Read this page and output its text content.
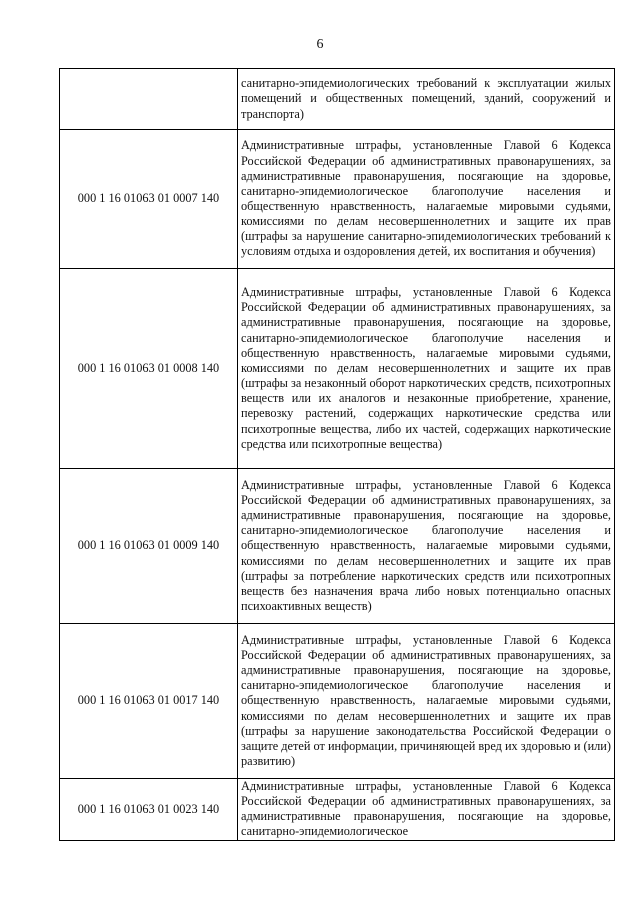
6
	санитарно-эпидемиологических требований к эксплуатации жилых помещений и общественных помещений, зданий, сооружений и транспорта)
000 1 16 01063 01 0007 140	Административные штрафы, установленные Главой 6 Кодекса Российской Федерации об административных правонарушениях, за административные правонарушения, посягающие на здоровье, санитарно-эпидемиологическое благополучие населения и общественную нравственность, налагаемые мировыми судьями, комиссиями по делам несовершеннолетних и защите их прав (штрафы за нарушение санитарно-эпидемиологических требований к условиям отдыха и оздоровления детей, их воспитания и обучения)
000 1 16 01063 01 0008 140	Административные штрафы, установленные Главой 6 Кодекса Российской Федерации об административных правонарушениях, за административные правонарушения, посягающие на здоровье, санитарно-эпидемиологическое благополучие населения и общественную нравственность, налагаемые мировыми судьями, комиссиями по делам несовершеннолетних и защите их прав (штрафы за незаконный оборот наркотических средств, психотропных веществ или их аналогов и незаконные приобретение, хранение, перевозку растений, содержащих наркотические средства или психотропные вещества, либо их частей, содержащих наркотические средства или психотропные вещества)
000 1 16 01063 01 0009 140	Административные штрафы, установленные Главой 6 Кодекса Российской Федерации об административных правонарушениях, за административные правонарушения, посягающие на здоровье, санитарно-эпидемиологическое благополучие населения и общественную нравственность, налагаемые мировыми судьями, комиссиями по делам несовершеннолетних и защите их прав (штрафы за потребление наркотических средств или психотропных веществ без назначения врача либо новых потенциально опасных психоактивных веществ)
000 1 16 01063 01 0017 140	Административные штрафы, установленные Главой 6 Кодекса Российской Федерации об административных правонарушениях, за административные правонарушения, посягающие на здоровье, санитарно-эпидемиологическое благополучие населения и общественную нравственность, налагаемые мировыми судьями, комиссиями по делам несовершеннолетних и защите их прав (штрафы за нарушение законодательства Российской Федерации о защите детей от информации, причиняющей вред их здоровью и (или) развитию)
000 1 16 01063 01 0023 140	Административные штрафы, установленные Главой 6 Кодекса Российской Федерации об административных правонарушениях, за административные правонарушения, посягающие на здоровье, санитарно-эпидемиологическое
